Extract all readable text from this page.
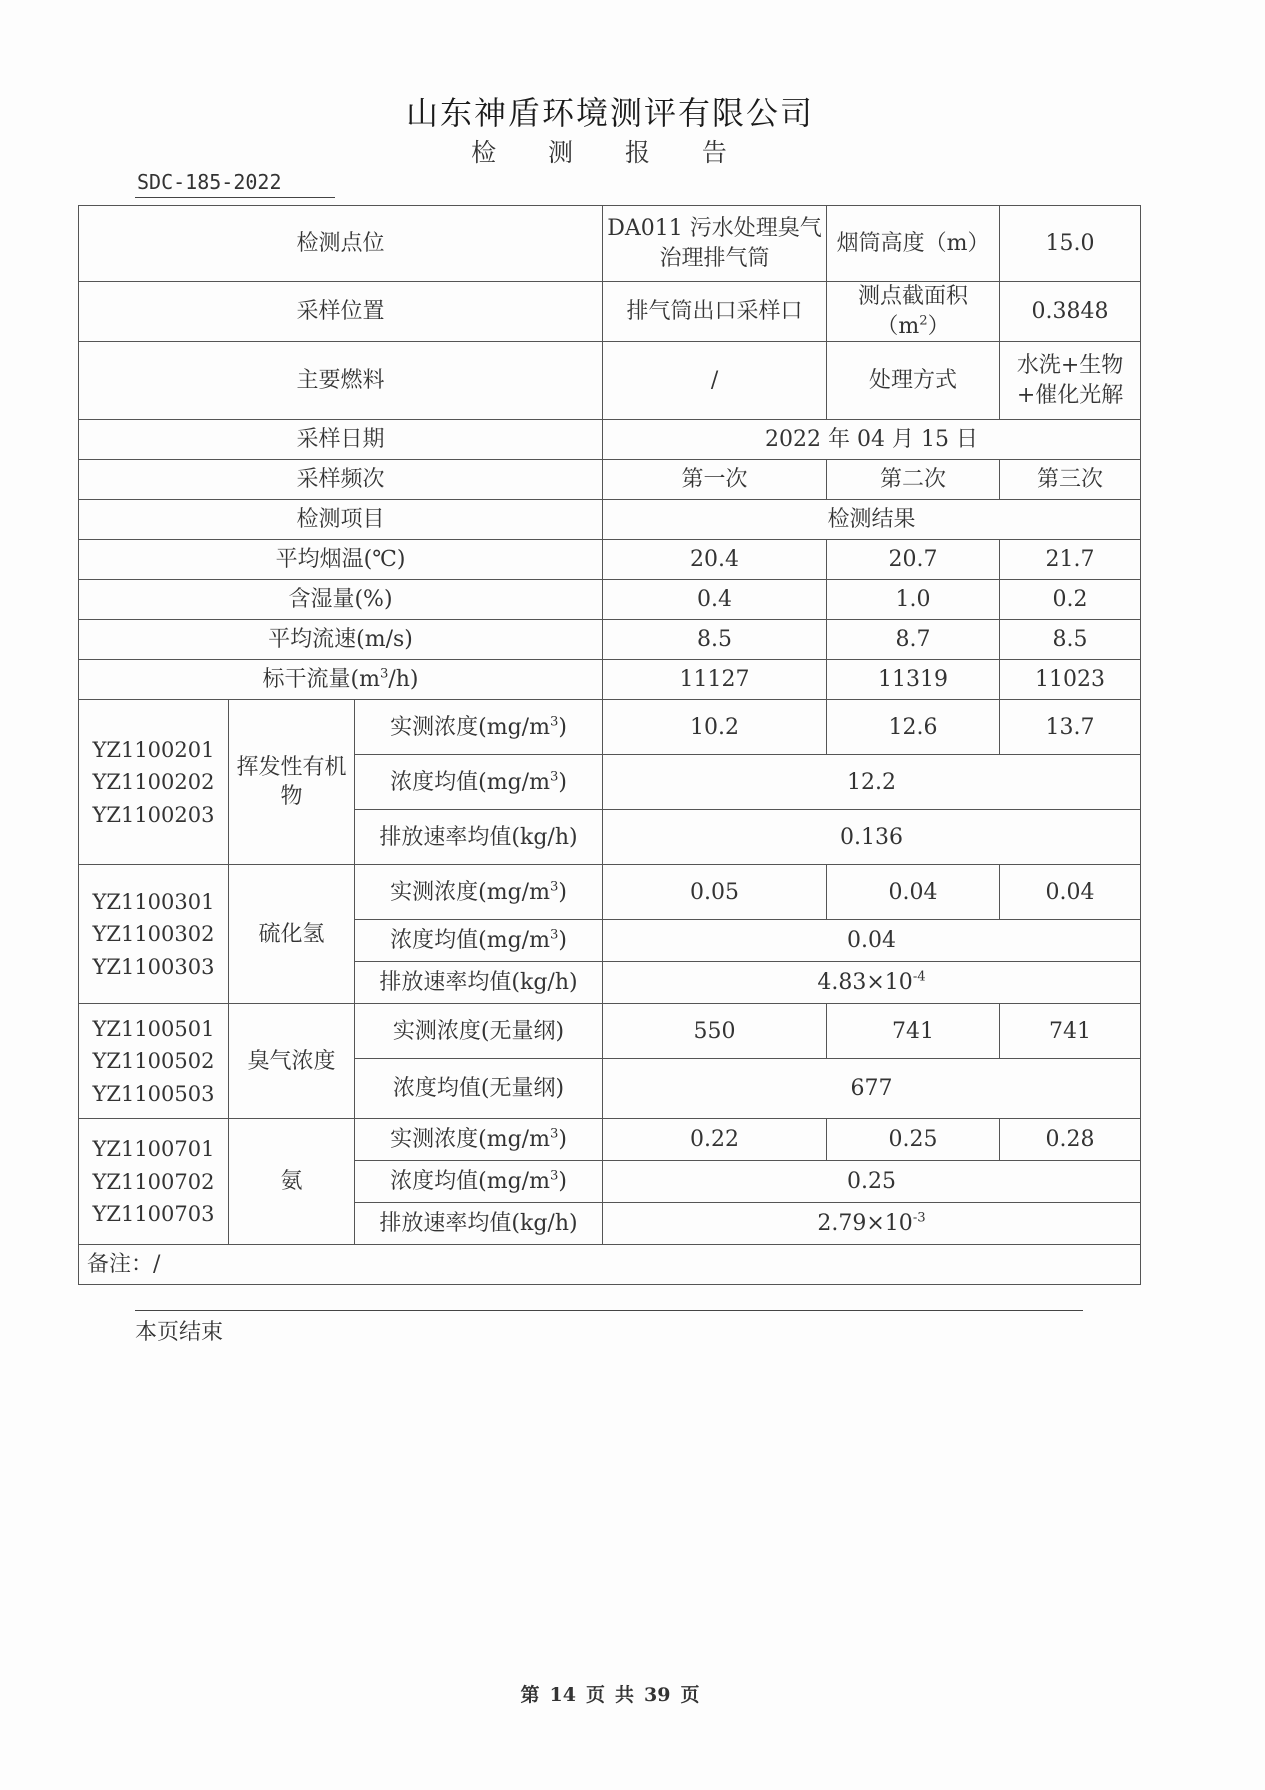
山东神盾环境测评有限公司
检 测 报 告
SDC-185-2022
检测点位			DA011 污水处理臭气治理排气筒	烟筒高度（m）	15.0
采样位置			排气筒出口采样口	测点截面积$(m^2)$	0.3848
主要燃料			/	处理方式	水洗+生物+催化光解
采样日期			2022 年 04 月 15 日		
采样频次			第一次	第二次	第三次
检测项目			检测结果		
平均烟温(℃)			20.4	20.7	21.7
含湿量(%)			0.4	1.0	0.2
平均流速(m/s)			8.5	8.7	8.5
标干流量$(m^3/h)$			11127	11319	11023

YZ1100201
YZ1100202
YZ1100203	挥发性有机物	实测浓度$(mg/m^3)$	10.2	12.6	13.7
		浓度均值$(mg/m^3)$	12.2		
		排放速率均值(kg/h)	0.136		

YZ1100301
YZ1100302
YZ1100303	硫化氢	实测浓度$(mg/m^3)$	0.05	0.04	0.04
		浓度均值$(mg/m^3)$	0.04		
		排放速率均值(kg/h)	$4.83\times 10^{-4}$

YZ1100501
YZ1100502
YZ1100503	臭气浓度	实测浓度(无量纲)	550	741	741
		浓度均值(无量纲)	677		

YZ1100701
YZ1100702
YZ1100703	氨	实测浓度$(mg/m^3)$	0.22	0.25	0.28
		浓度均值$(mg/m^3)$	0.25		
		排放速率均值(kg/h)	$2.79\times 10^{-3}$
备注：/					
本页结束
第 14 页 共 39 页
